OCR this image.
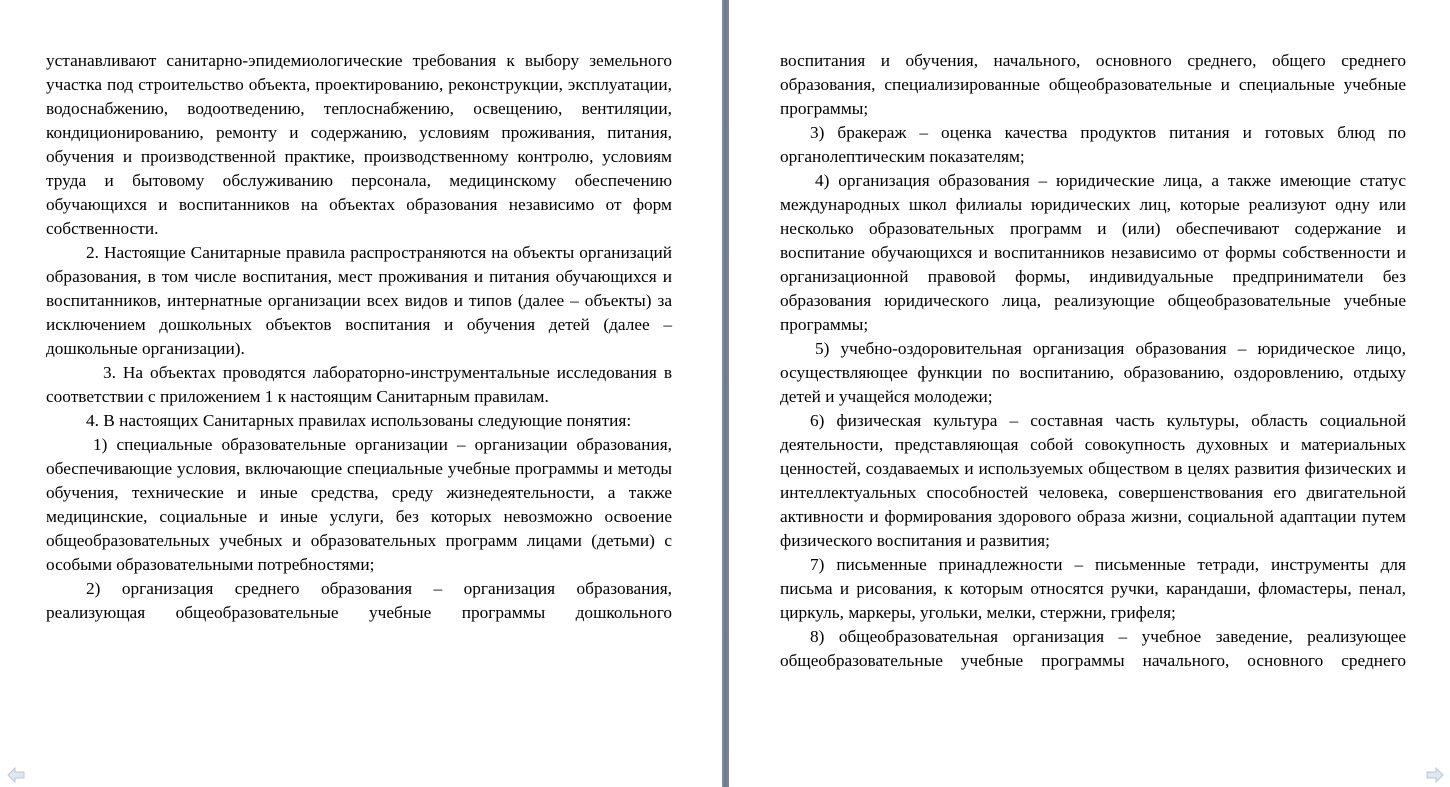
устанавливают санитарно-эпидемиологические требования к выбору земельного участка под строительство объекта, проектированию, реконструкции, эксплуатации, водоснабжению, водоотведению, теплоснабжению, освещению, вентиляции, кондиционированию, ремонту и содержанию, условиям проживания, питания, обучения и производственной практике, производственному контролю, условиям труда и бытовому обслуживанию персонала, медицинскому обеспечению обучающихся и воспитанников на объектах образования независимо от форм собственности.

2. Настоящие Санитарные правила распространяются на объекты организаций образования, в том числе воспитания, мест проживания и питания обучающихся и воспитанников, интернатные организации всех видов и типов (далее – объекты) за исключением дошкольных объектов воспитания и обучения детей (далее – дошкольные организации).

3. На объектах проводятся лабораторно-инструментальные исследования в соответствии с приложением 1 к настоящим Санитарным правилам.

4. В настоящих Санитарных правилах использованы следующие понятия:

1) специальные образовательные организации – организации образования, обеспечивающие условия, включающие специальные учебные программы и методы обучения, технические и иные средства, среду жизнедеятельности, а также медицинские, социальные и иные услуги, без которых невозможно освоение общеобразовательных учебных и образовательных программ лицами (детьми) с особыми образовательными потребностями;

2) организация среднего образования – организация образования, реализующая общеобразовательные учебные программы дошкольного

воспитания и обучения, начального, основного среднего, общего среднего образования, специализированные общеобразовательные и специальные учебные программы;

3) бракераж – оценка качества продуктов питания и готовых блюд по органолептическим показателям;

4) организация образования – юридические лица, а также имеющие статус международных школ филиалы юридических лиц, которые реализуют одну или несколько образовательных программ и (или) обеспечивают содержание и воспитание обучающихся и воспитанников независимо от формы собственности и организационной правовой формы, индивидуальные предприниматели без образования юридического лица, реализующие общеобразовательные учебные программы;

5) учебно-оздоровительная организация образования – юридическое лицо, осуществляющее функции по воспитанию, образованию, оздоровлению, отдыху детей и учащейся молодежи;

6) физическая культура – составная часть культуры, область социальной деятельности, представляющая собой совокупность духовных и материальных ценностей, создаваемых и используемых обществом в целях развития физических и интеллектуальных способностей человека, совершенствования его двигательной активности и формирования здорового образа жизни, социальной адаптации путем физического воспитания и развития;

7) письменные принадлежности – письменные тетради, инструменты для письма и рисования, к которым относятся ручки, карандаши, фломастеры, пенал, циркуль, маркеры, угольки, мелки, стержни, грифеля;

8) общеобразовательная организация – учебное заведение, реализующее общеобразовательные учебные программы начального, основного среднего
